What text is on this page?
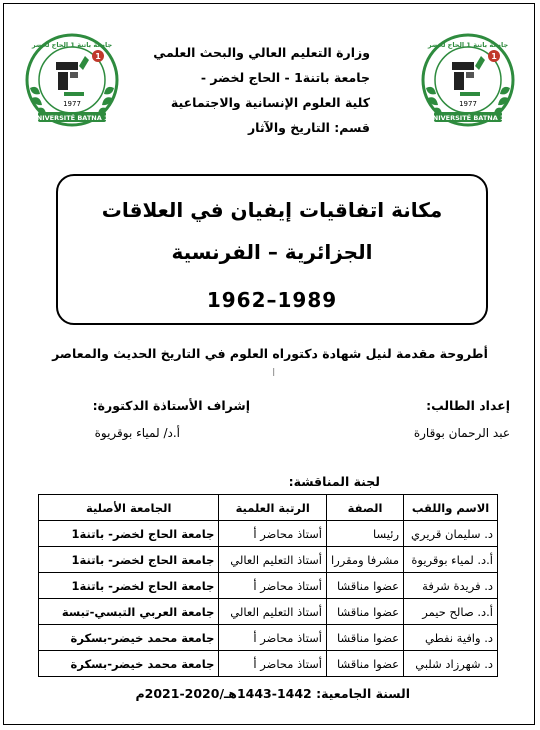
1977
UNIVERSITÉ BATNA 1
جامعة باتنة 1 الحاج لخضر
1
1977
UNIVERSITÉ BATNA 1
جامعة باتنة 1 الحاج لخضر
1
وزارة التعليم العالي والبحث العلمي
جامعة باتنة1 - الحاج لخضر -
كلية العلوم الإنسانية والاجتماعية
قسم: التاريخ والآثار
مكانة اتفاقيات إيفيان في العلاقات
الجزائرية – الفرنسية
1962–1989
أطروحة مقدمة لنيل شهادة دكتوراه العلوم في التاريخ الحديث والمعاصر
I
إعداد الطالب:
عبد الرحمان بوقارة
إشراف الأستاذة الدكتورة:
أ.د/ لمياء بوقريوة
لجنة المناقشة:
الاسم واللقب	الصفة	الرتبة العلمية	الجامعة الأصلية
د. سليمان قريري	رئيسا	أستاذ محاضر أ	جامعة الحاج لخضر- باتنة1
أ.د. لمياء بوقريوة	مشرفا ومقررا	أستاذ التعليم العالي	جامعة الحاج لخضر- باتنة1
د. فريدة شرفة	عضوا مناقشا	أستاذ محاضر أ	جامعة الحاج لخضر- باتنة1
أ.د. صالح حيمر	عضوا مناقشا	أستاذ التعليم العالي	جامعة العربي التبسي-تبسة
د. وافية نفطي	عضوا مناقشا	أستاذ محاضر أ	جامعة محمد خيضر-بسكرة
د. شهرزاد شلبي	عضوا مناقشا	أستاذ محاضر أ	جامعة محمد خيضر-بسكرة
السنة الجامعية: 1442-1443هـ/2020-2021م
